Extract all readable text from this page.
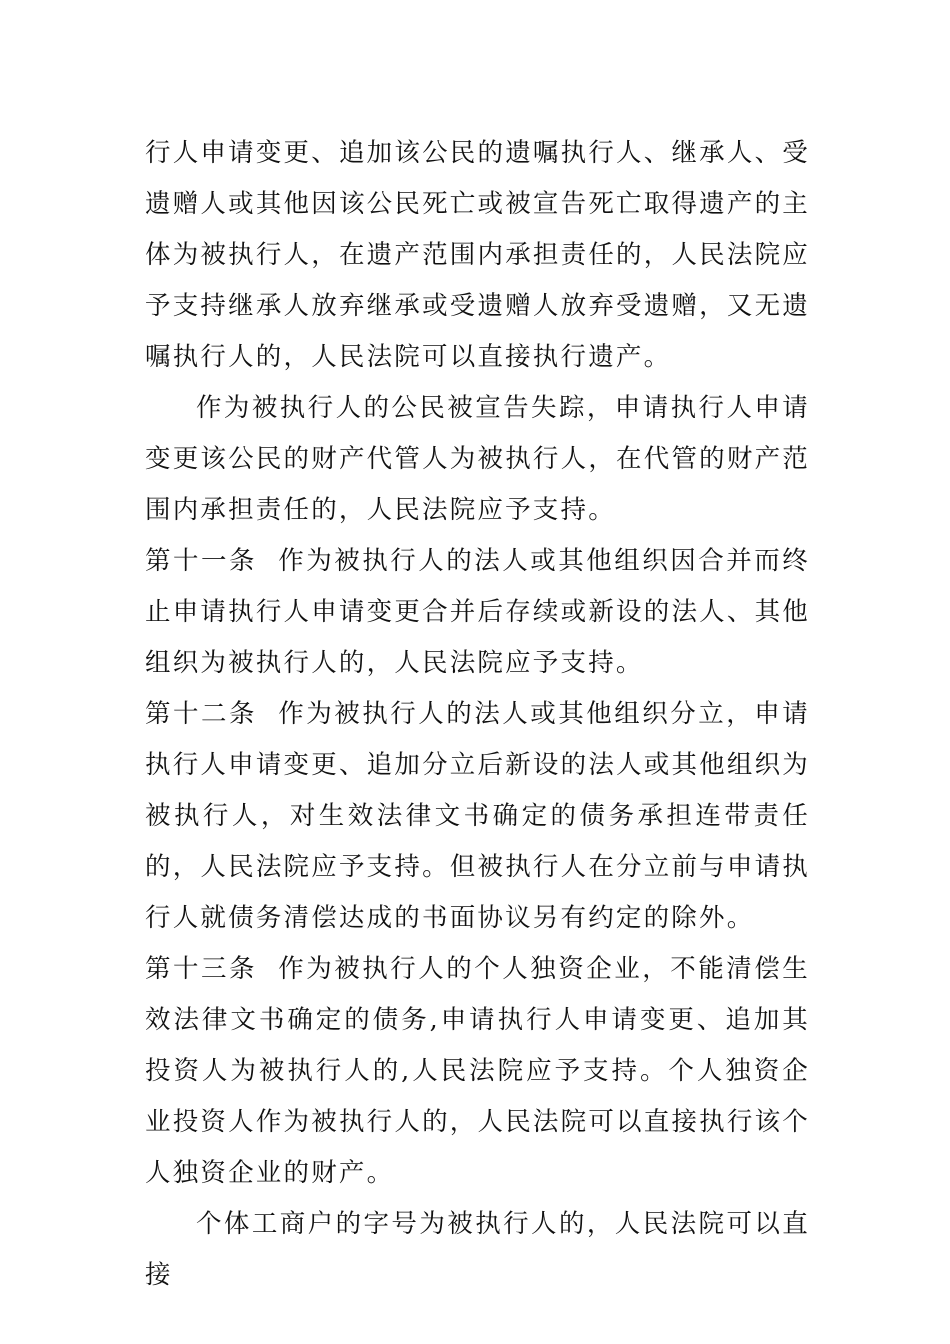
行人申请变更、追加该公民的遗嘱执行人、继承人、受遗赠人或其他因该公民死亡或被宣告死亡取得遗产的主体为被执行人，在遗产范围内承担责任的，人民法院应予支持继承人放弃继承或受遗赠人放弃受遗赠，又无遗嘱执行人的，人民法院可以直接执行遗产。

作为被执行人的公民被宣告失踪，申请执行人申请变更该公民的财产代管人为被执行人，在代管的财产范围内承担责任的，人民法院应予支持。

第十一条 作为被执行人的法人或其他组织因合并而终止申请执行人申请变更合并后存续或新设的法人、其他组织为被执行人的，人民法院应予支持。

第十二条 作为被执行人的法人或其他组织分立，申请执行人申请变更、追加分立后新设的法人或其他组织为被执行人，对生效法律文书确定的债务承担连带责任的，人民法院应予支持。但被执行人在分立前与申请执行人就债务清偿达成的书面协议另有约定的除外。

第十三条 作为被执行人的个人独资企业，不能清偿生效法律文书确定的债务,申请执行人申请变更、追加其投资人为被执行人的,人民法院应予支持。个人独资企业投资人作为被执行人的，人民法院可以直接执行该个人独资企业的财产。

个体工商户的字号为被执行人的，人民法院可以直接
